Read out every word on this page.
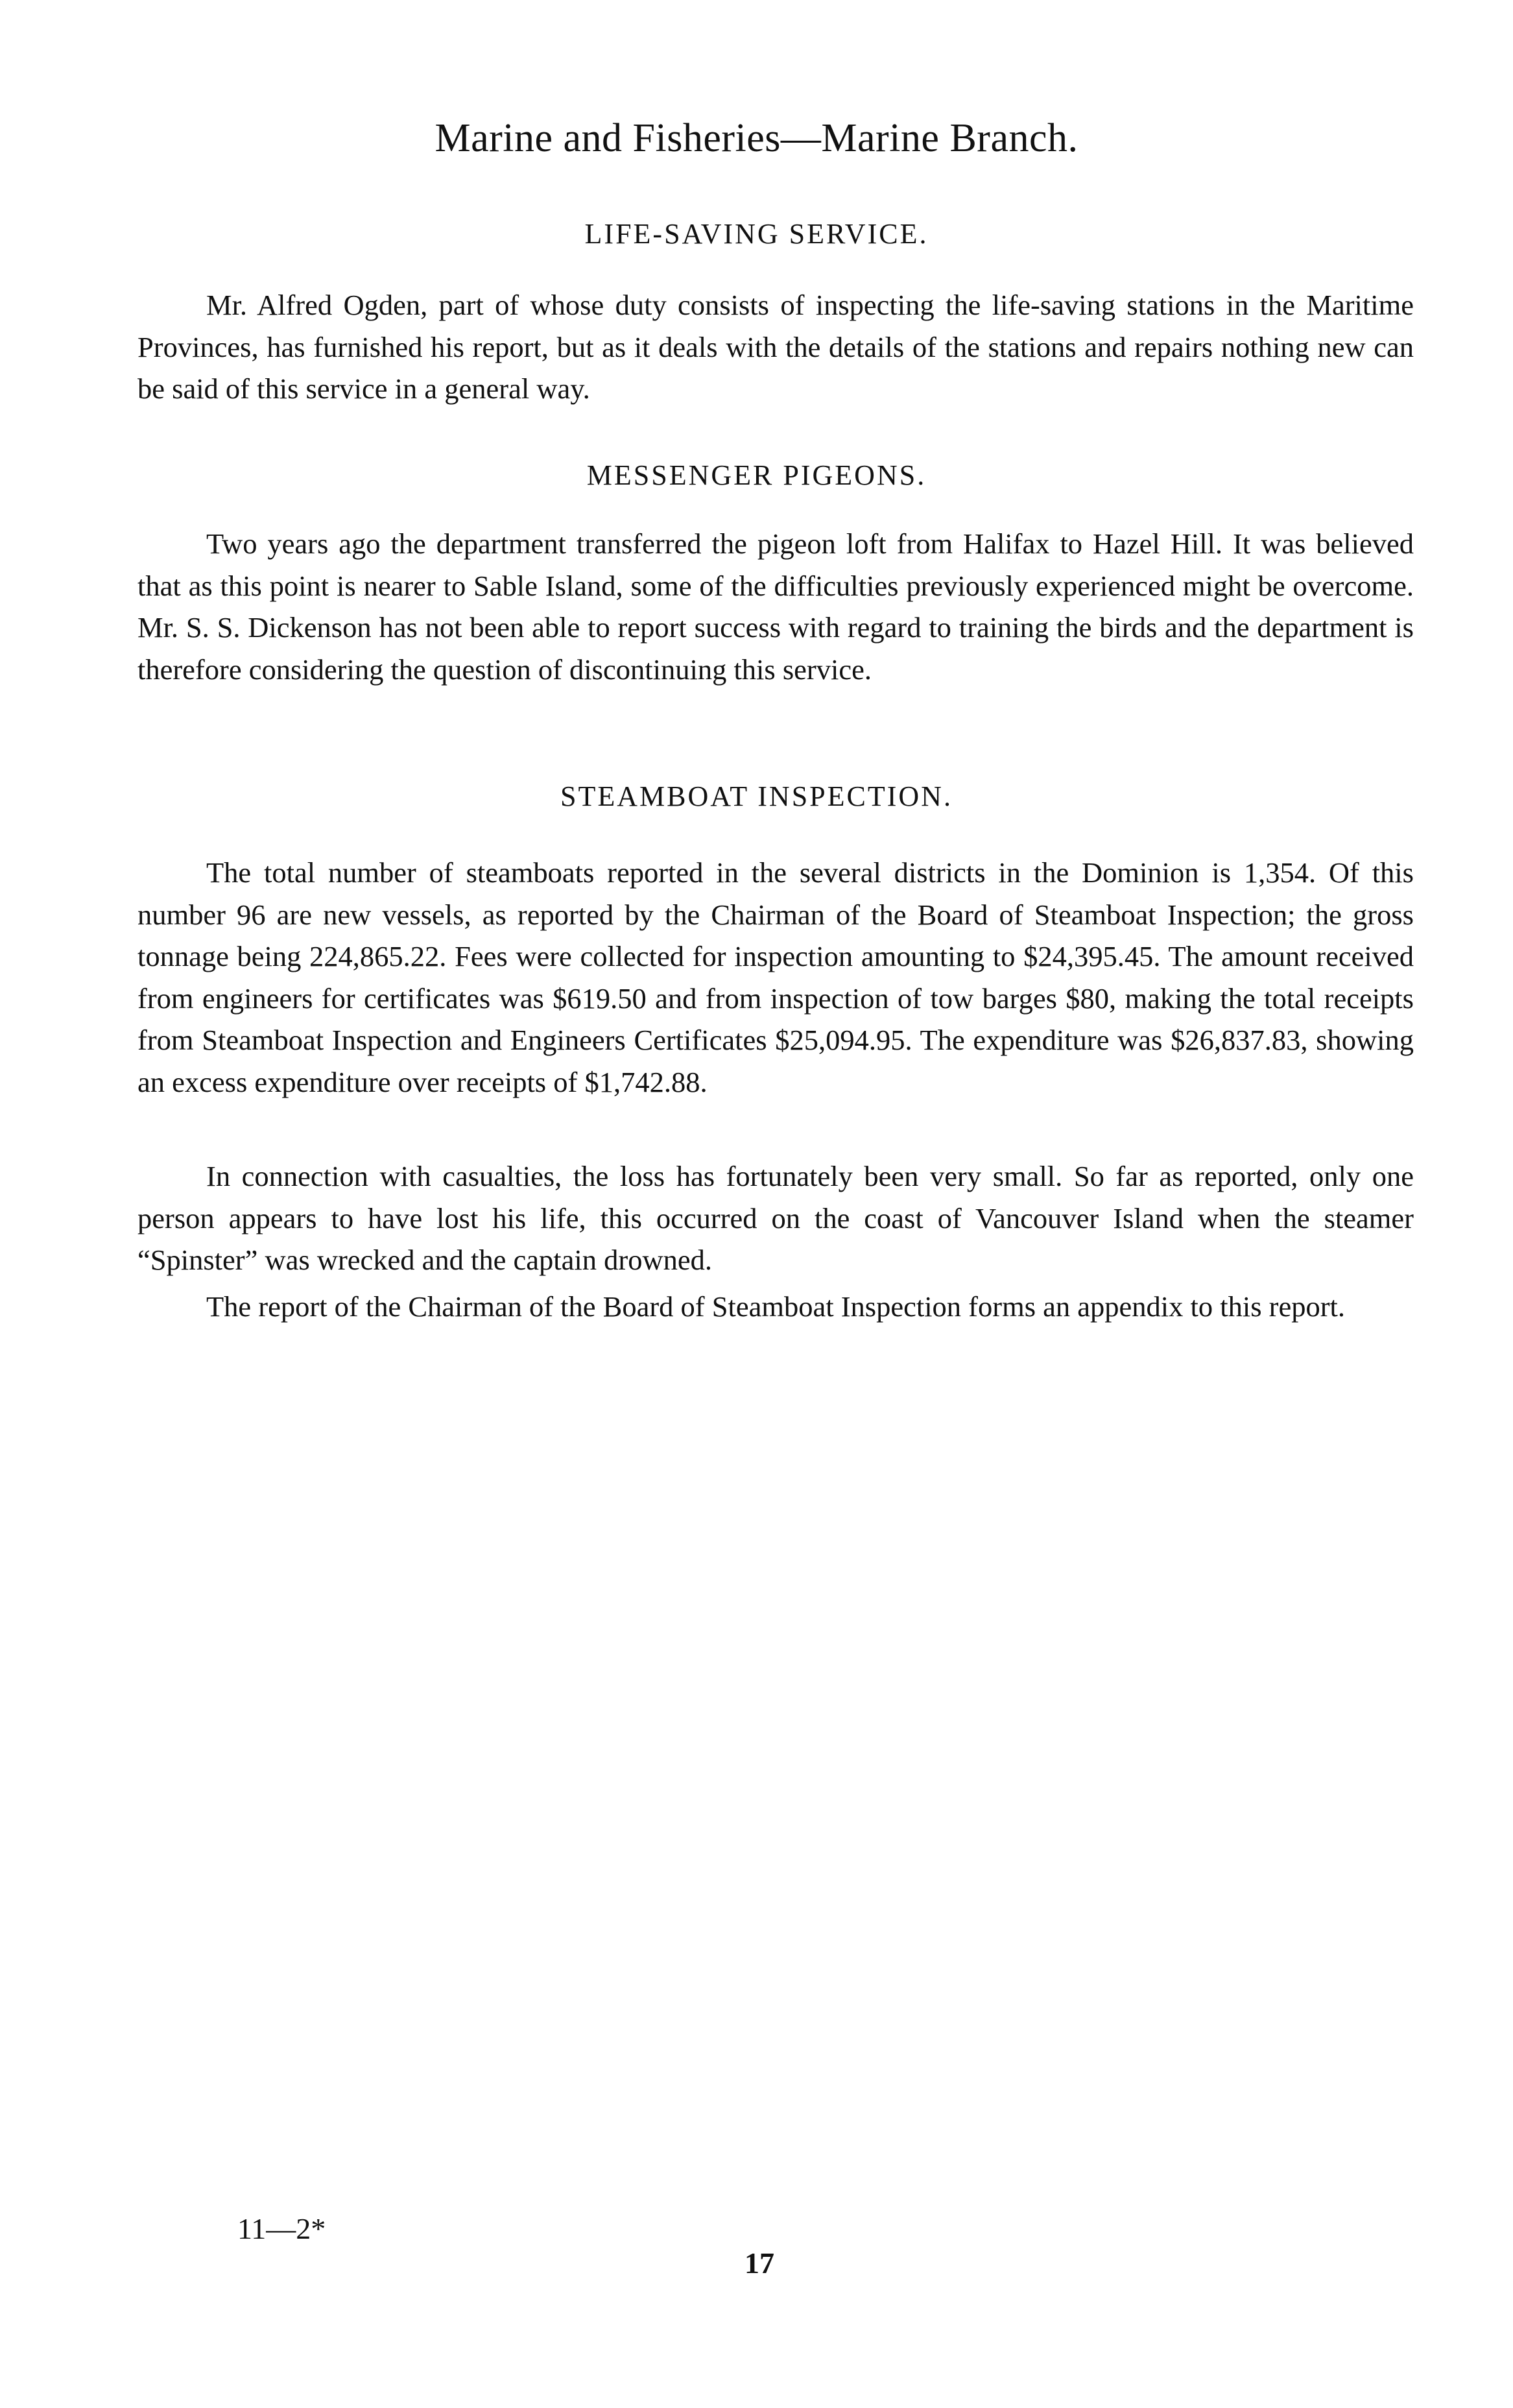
Marine and Fisheries—Marine Branch.
LIFE-SAVING SERVICE.

Mr. Alfred Ogden, part of whose duty consists of inspecting the life-saving stations in the Maritime Provinces, has furnished his report, but as it deals with the details of the stations and repairs nothing new can be said of this service in a general way.

MESSENGER PIGEONS.

Two years ago the department transferred the pigeon loft from Halifax to Hazel Hill. It was believed that as this point is nearer to Sable Island, some of the difficulties previously experienced might be overcome. Mr. S. S. Dickenson has not been able to report success with regard to training the birds and the department is therefore considering the question of discontinuing this service.

STEAMBOAT INSPECTION.

The total number of steamboats reported in the several districts in the Dominion is 1,354. Of this number 96 are new vessels, as reported by the Chairman of the Board of Steamboat Inspection; the gross tonnage being 224,865.22. Fees were collected for inspection amounting to $24,395.45. The amount received from engineers for certificates was $619.50 and from inspection of tow barges $80, making the total receipts from Steamboat Inspection and Engineers Certificates $25,094.95. The expenditure was $26,837.83, showing an excess expenditure over receipts of $1,742.88.

In connection with casualties, the loss has fortunately been very small. So far as reported, only one person appears to have lost his life, this occurred on the coast of Vancouver Island when the steamer “Spinster” was wrecked and the captain drowned.

The report of the Chairman of the Board of Steamboat Inspection forms an appendix to this report.

11—2*
17
